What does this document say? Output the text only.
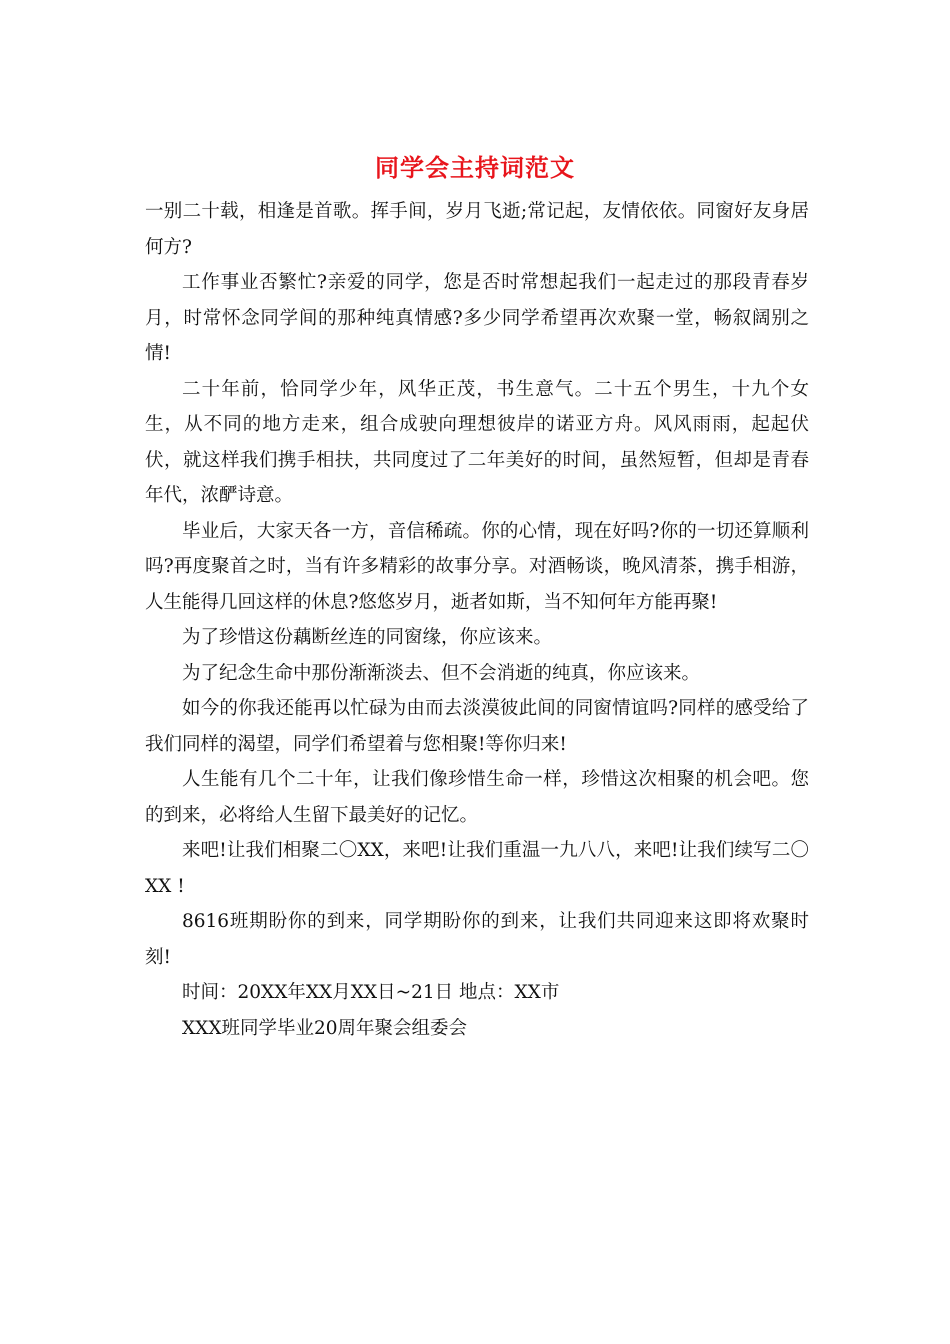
同学会主持词范文

一别二十载，相逢是首歌。挥手间，岁月飞逝;常记起，友情依依。同窗好友身居何方?

工作事业否繁忙?亲爱的同学，您是否时常想起我们一起走过的那段青春岁月，时常怀念同学间的那种纯真情感?多少同学希望再次欢聚一堂，畅叙阔别之情!

二十年前，恰同学少年，风华正茂，书生意气。二十五个男生，十九个女生，从不同的地方走来，组合成驶向理想彼岸的诺亚方舟。风风雨雨，起起伏伏，就这样我们携手相扶，共同度过了二年美好的时间，虽然短暂，但却是青春年代，浓酽诗意。

毕业后，大家天各一方，音信稀疏。你的心情，现在好吗?你的一切还算顺利吗?再度聚首之时，当有许多精彩的故事分享。对酒畅谈，晚风清茶，携手相游，人生能得几回这样的休息?悠悠岁月，逝者如斯，当不知何年方能再聚!

为了珍惜这份藕断丝连的同窗缘，你应该来。

为了纪念生命中那份渐渐淡去、但不会消逝的纯真，你应该来。

如今的你我还能再以忙碌为由而去淡漠彼此间的同窗情谊吗?同样的感受给了我们同样的渴望，同学们希望着与您相聚!等你归来!

人生能有几个二十年，让我们像珍惜生命一样，珍惜这次相聚的机会吧。您的到来，必将给人生留下最美好的记忆。

来吧!让我们相聚二〇XX，来吧!让我们重温一九八八，来吧!让我们续写二〇XX !

8616班期盼你的到来，同学期盼你的到来，让我们共同迎来这即将欢聚时刻!

时间：20XX年XX月XX日~21日 地点：XX市

XXX班同学毕业20周年聚会组委会
